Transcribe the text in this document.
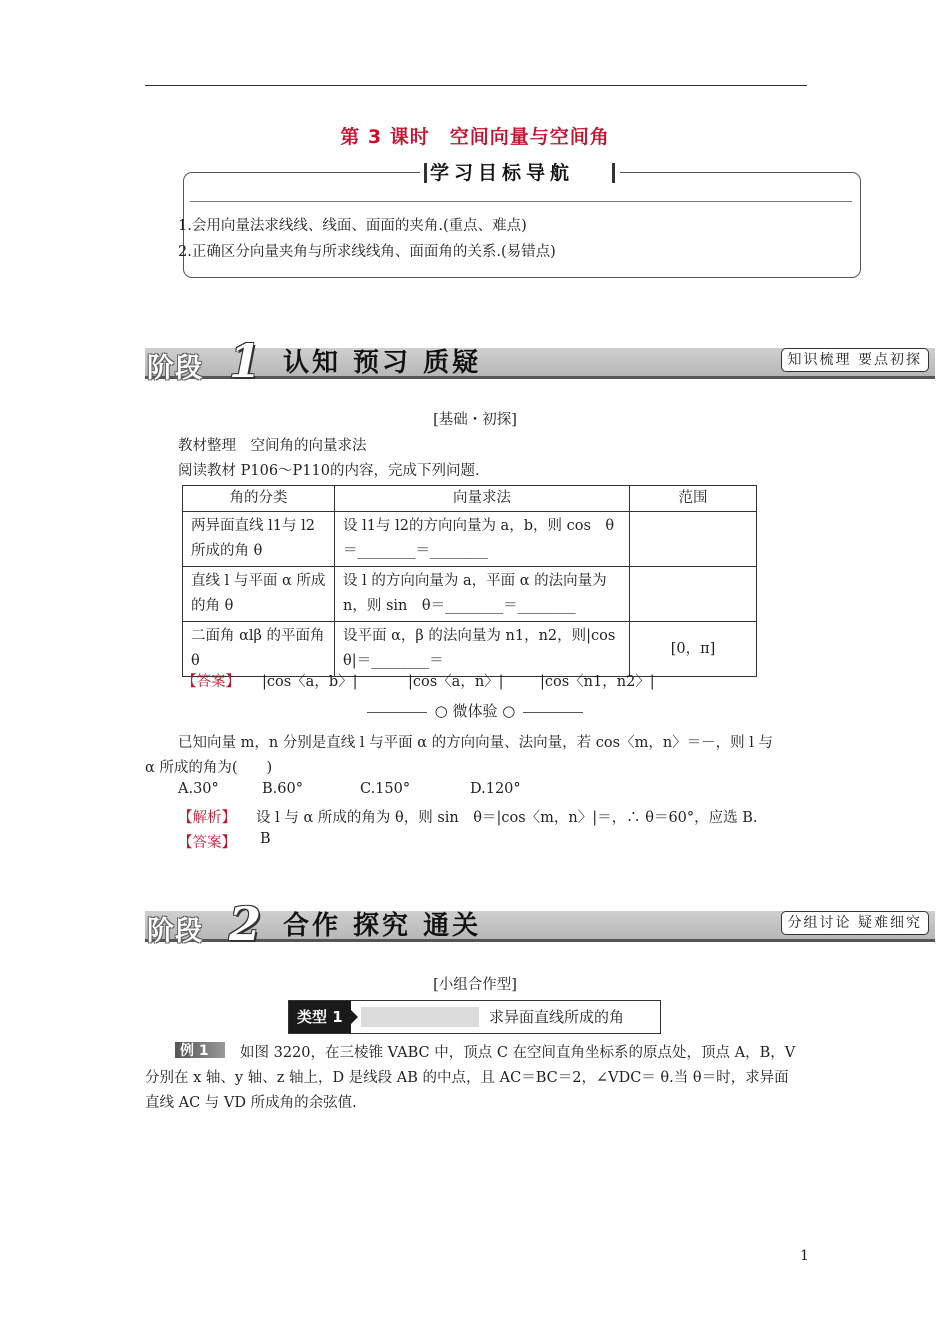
第 3 课时　空间向量与空间角
学习目标导航
1.会用向量法求线线、线面、面面的夹角.(重点、难点)
2.正确区分向量夹角与所求线线角、面面角的关系.(易错点)
阶段 1 认知 预习 质疑	知识梳理 要点初探
[基础・初探]
教材整理　空间角的向量求法
阅读教材 P106～P110的内容，完成下列问题.
角的分类	向量求法	范围
两异面直线 l1与 l2所成的角 θ	设 l1与 l2的方向向量为 a，b，则 cos　θ＝________＝________	
直线 l 与平面 α 所成的角 θ	设 l 的方向向量为 a，平面 α 的法向量为 n，则 sin　θ＝________＝________	
二面角 αlβ 的平面角 θ	设平面 α，β 的法向量为 n1，n2，则|cos　θ|＝________＝	[0，π]
【答案】 |cos〈a，b〉|	|cos〈a，n〉|	|cos〈n1，n2〉|
○ 微体验 ○
已知向量 m，n 分别是直线 l 与平面 α 的方向向量、法向量，若 cos〈m，n〉＝－，则 l 与
α 所成的角为(　　)
A.30°	B.60°	C.150°	D.120°
【解析】 设 l 与 α 所成的角为 θ，则 sin　θ＝|cos〈m，n〉|＝，∴ θ＝60°，应选 B.
【答案】 B
阶段 2 合作 探究 通关	分组讨论 疑难细究
[小组合作型]
类型 1	求异面直线所成的角
例 1 如图 3220，在三棱锥 VABC 中，顶点 C 在空间直角坐标系的原点处，顶点 A，B，V
分别在 x 轴、y 轴、z 轴上，D 是线段 AB 的中点，且 AC＝BC＝2，∠VDC＝ θ.当 θ＝时，求异面
直线 AC 与 VD 所成角的余弦值.
1
